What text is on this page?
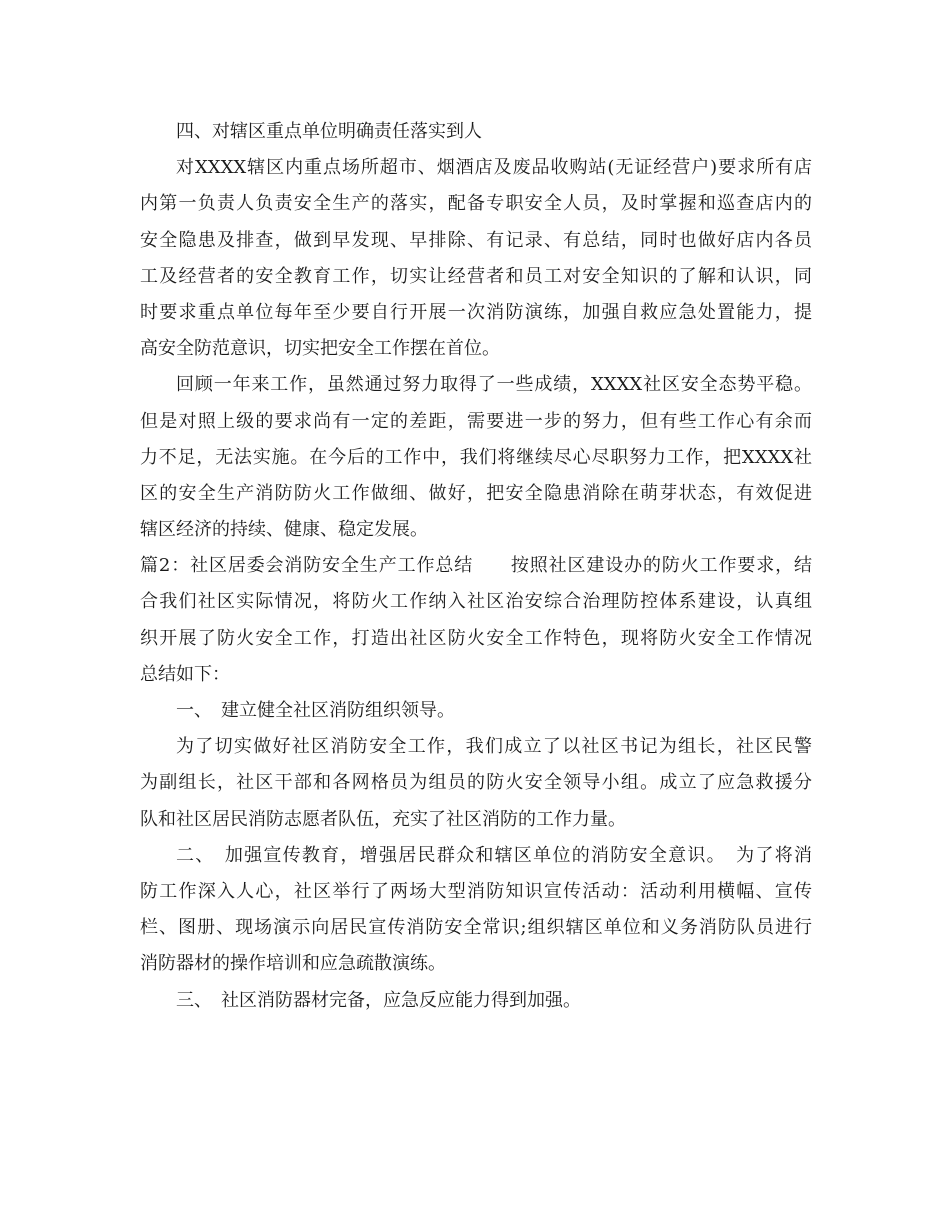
四、对辖区重点单位明确责任落实到人
对XXXX辖区内重点场所超市、烟酒店及废品收购站(无证经营户)要求所有店
内第一负责人负责安全生产的落实，配备专职安全人员，及时掌握和巡查店内的
安全隐患及排查，做到早发现、早排除、有记录、有总结，同时也做好店内各员
工及经营者的安全教育工作，切实让经营者和员工对安全知识的了解和认识，同
时要求重点单位每年至少要自行开展一次消防演练，加强自救应急处置能力，提
高安全防范意识，切实把安全工作摆在首位。
回顾一年来工作，虽然通过努力取得了一些成绩，XXXX社区安全态势平稳。
但是对照上级的要求尚有一定的差距，需要进一步的努力，但有些工作心有余而
力不足，无法实施。在今后的工作中，我们将继续尽心尽职努力工作，把XXXX社
区的安全生产消防防火工作做细、做好，把安全隐患消除在萌芽状态，有效促进
辖区经济的持续、健康、稳定发展。
篇2：社区居委会消防安全生产工作总结　　按照社区建设办的防火工作要求，结
合我们社区实际情况，将防火工作纳入社区治安综合治理防控体系建设，认真组
织开展了防火安全工作，打造出社区防火安全工作特色，现将防火安全工作情况
总结如下：
一、　建立健全社区消防组织领导。
为了切实做好社区消防安全工作，我们成立了以社区书记为组长，社区民警
为副组长，社区干部和各网格员为组员的防火安全领导小组。成立了应急救援分
队和社区居民消防志愿者队伍，充实了社区消防的工作力量。
二、　加强宣传教育，增强居民群众和辖区单位的消防安全意识。　为了将消
防工作深入人心，社区举行了两场大型消防知识宣传活动：活动利用横幅、宣传
栏、图册、现场演示向居民宣传消防安全常识;组织辖区单位和义务消防队员进行
消防器材的操作培训和应急疏散演练。
三、　社区消防器材完备，应急反应能力得到加强。
